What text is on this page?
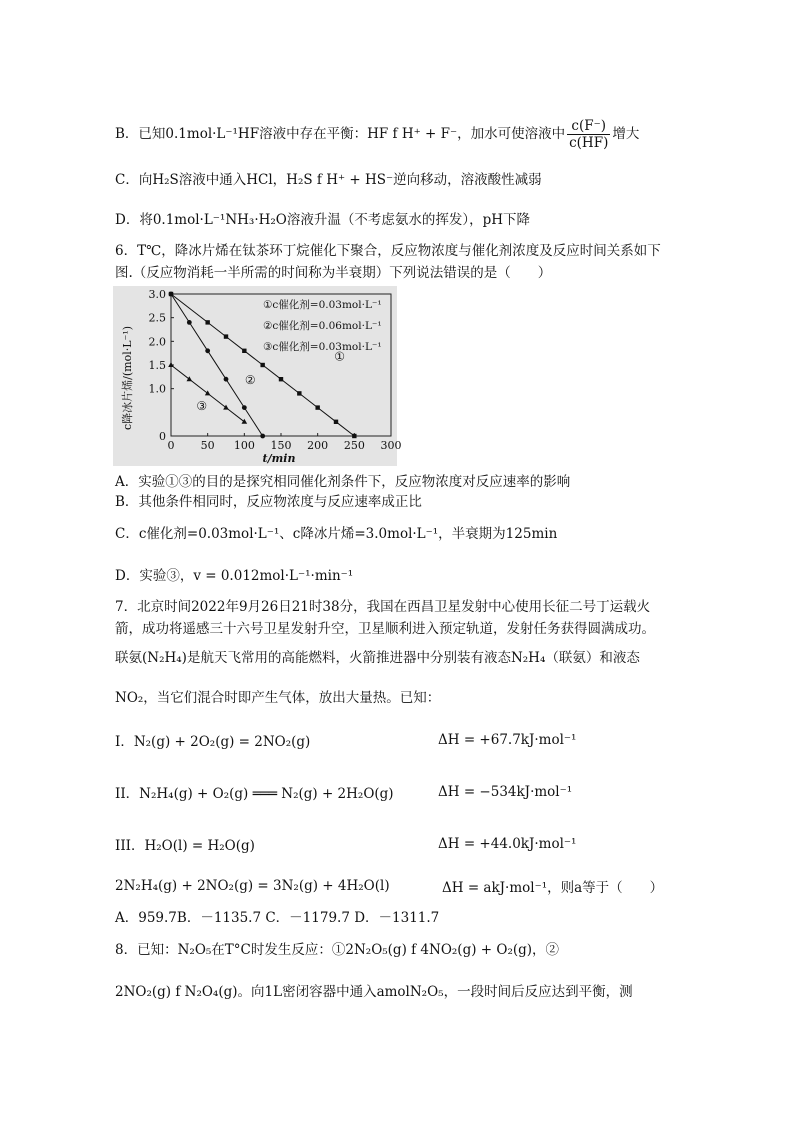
B．已知0.1mol·L⁻¹HF溶液中存在平衡：HF f H⁺ + F⁻，加水可使溶液中 $\frac{c(F^-)}{c(HF)}$ 增大
C．向H₂S溶液中通入HCl，H₂S f H⁺ + HS⁻逆向移动，溶液酸性减弱
D．将0.1mol·L⁻¹NH₃·H₂O溶液升温（不考虑氨水的挥发），pH下降
6．T℃，降冰片烯在钛茶环丁烷催化下聚合，反应物浓度与催化剂浓度及反应时间关系如下
图.（反应物消耗一半所需的时间称为半衰期）下列说法错误的是（　　）
0 50 100 150 200 250 300
0
1.0
1.5
2.0
2.5
3.0
①
②
③
①c催化剂=0.03mol·L⁻¹
②c催化剂=0.06mol·L⁻¹
③c催化剂=0.03mol·L⁻¹
c降冰片烯/(mol·L⁻¹)
t/min
A．实验①③的目的是探究相同催化剂条件下，反应物浓度对反应速率的影响
B．其他条件相同时，反应物浓度与反应速率成正比
C．c催化剂=0.03mol·L⁻¹、c降冰片烯=3.0mol·L⁻¹，半衰期为125min
D．实验③，v = 0.012mol·L⁻¹·min⁻¹
7．北京时间2022年9月26日21时38分，我国在西昌卫星发射中心使用长征二号丁运载火
箭，成功将遥感三十六号卫星发射升空，卫星顺利进入预定轨道，发射任务获得圆满成功。
联氨(N₂H₄)是航天飞常用的高能燃料，火箭推进器中分别装有液态N₂H₄（联氨）和液态
NO₂，当它们混合时即产生气体，放出大量热。已知：
I．N₂(g) + 2O₂(g) = 2NO₂(g)	ΔH = +67.7kJ·mol⁻¹
II．N₂H₄(g) + O₂(g) ═══ N₂(g) + 2H₂O(g)	ΔH = −534kJ·mol⁻¹
III．H₂O(l) = H₂O(g)	ΔH = +44.0kJ·mol⁻¹
2N₂H₄(g) + 2NO₂(g) = 3N₂(g) + 4H₂O(l)	ΔH = akJ·mol⁻¹，则a等于（　　）
A．959.7B．－1135.7 C．－1179.7 D．－1311.7
8．已知：N₂O₅在T°C时发生反应：①2N₂O₅(g) f 4NO₂(g) + O₂(g)，②
2NO₂(g) f N₂O₄(g)。向1L密闭容器中通入amolN₂O₅，一段时间后反应达到平衡，测
